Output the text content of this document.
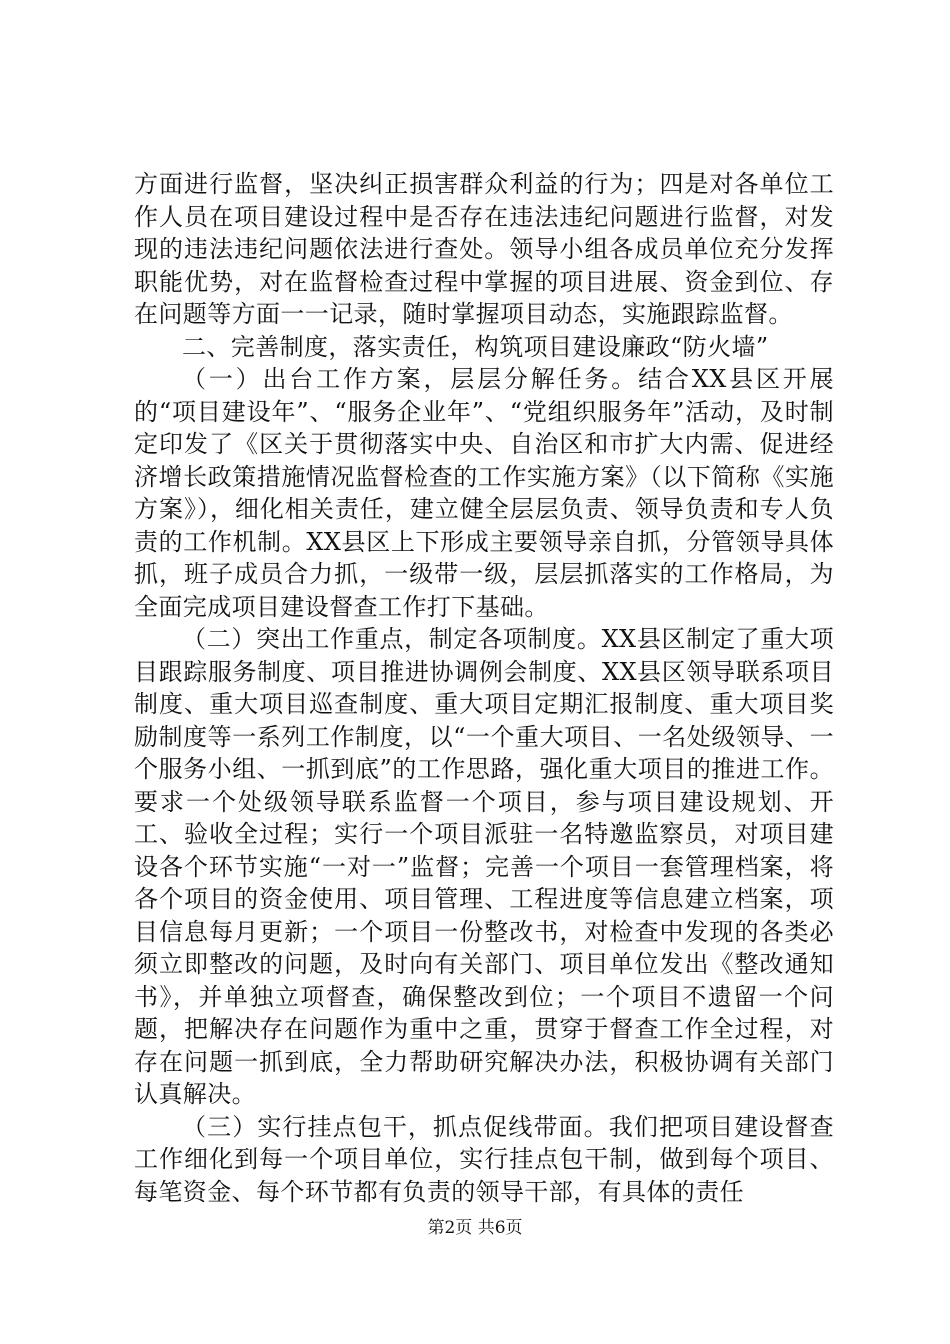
方面进行监督，坚决纠正损害群众利益的行为；四是对各单位工作人员在项目建设过程中是否存在违法违纪问题进行监督，对发现的违法违纪问题依法进行查处。领导小组各成员单位充分发挥职能优势，对在监督检查过程中掌握的项目进展、资金到位、存在问题等方面一一记录，随时掌握项目动态，实施跟踪监督。

二、完善制度，落实责任，构筑项目建设廉政“防火墙”

（一）出台工作方案，层层分解任务。结合XX县区开展的“项目建设年”、“服务企业年”、“党组织服务年”活动，及时制定印发了《区关于贯彻落实中央、自治区和市扩大内需、促进经济增长政策措施情况监督检查的工作实施方案》（以下简称《实施方案》），细化相关责任，建立健全层层负责、领导负责和专人负责的工作机制。XX县区上下形成主要领导亲自抓，分管领导具体抓，班子成员合力抓，一级带一级，层层抓落实的工作格局，为全面完成项目建设督查工作打下基础。

（二）突出工作重点，制定各项制度。XX县区制定了重大项目跟踪服务制度、项目推进协调例会制度、XX县区领导联系项目制度、重大项目巡查制度、重大项目定期汇报制度、重大项目奖励制度等一系列工作制度，以“一个重大项目、一名处级领导、一个服务小组、一抓到底”的工作思路，强化重大项目的推进工作。要求一个处级领导联系监督一个项目，参与项目建设规划、开工、验收全过程；实行一个项目派驻一名特邀监察员，对项目建设各个环节实施“一对一”监督；完善一个项目一套管理档案，将各个项目的资金使用、项目管理、工程进度等信息建立档案，项目信息每月更新；一个项目一份整改书，对检查中发现的各类必须立即整改的问题，及时向有关部门、项目单位发出《整改通知书》，并单独立项督查，确保整改到位；一个项目不遗留一个问题，把解决存在问题作为重中之重，贯穿于督查工作全过程，对存在问题一抓到底，全力帮助研究解决办法，积极协调有关部门认真解决。

（三）实行挂点包干，抓点促线带面。我们把项目建设督查工作细化到每一个项目单位，实行挂点包干制，做到每个项目、每笔资金、每个环节都有负责的领导干部，有具体的责任

第2页 共6页
